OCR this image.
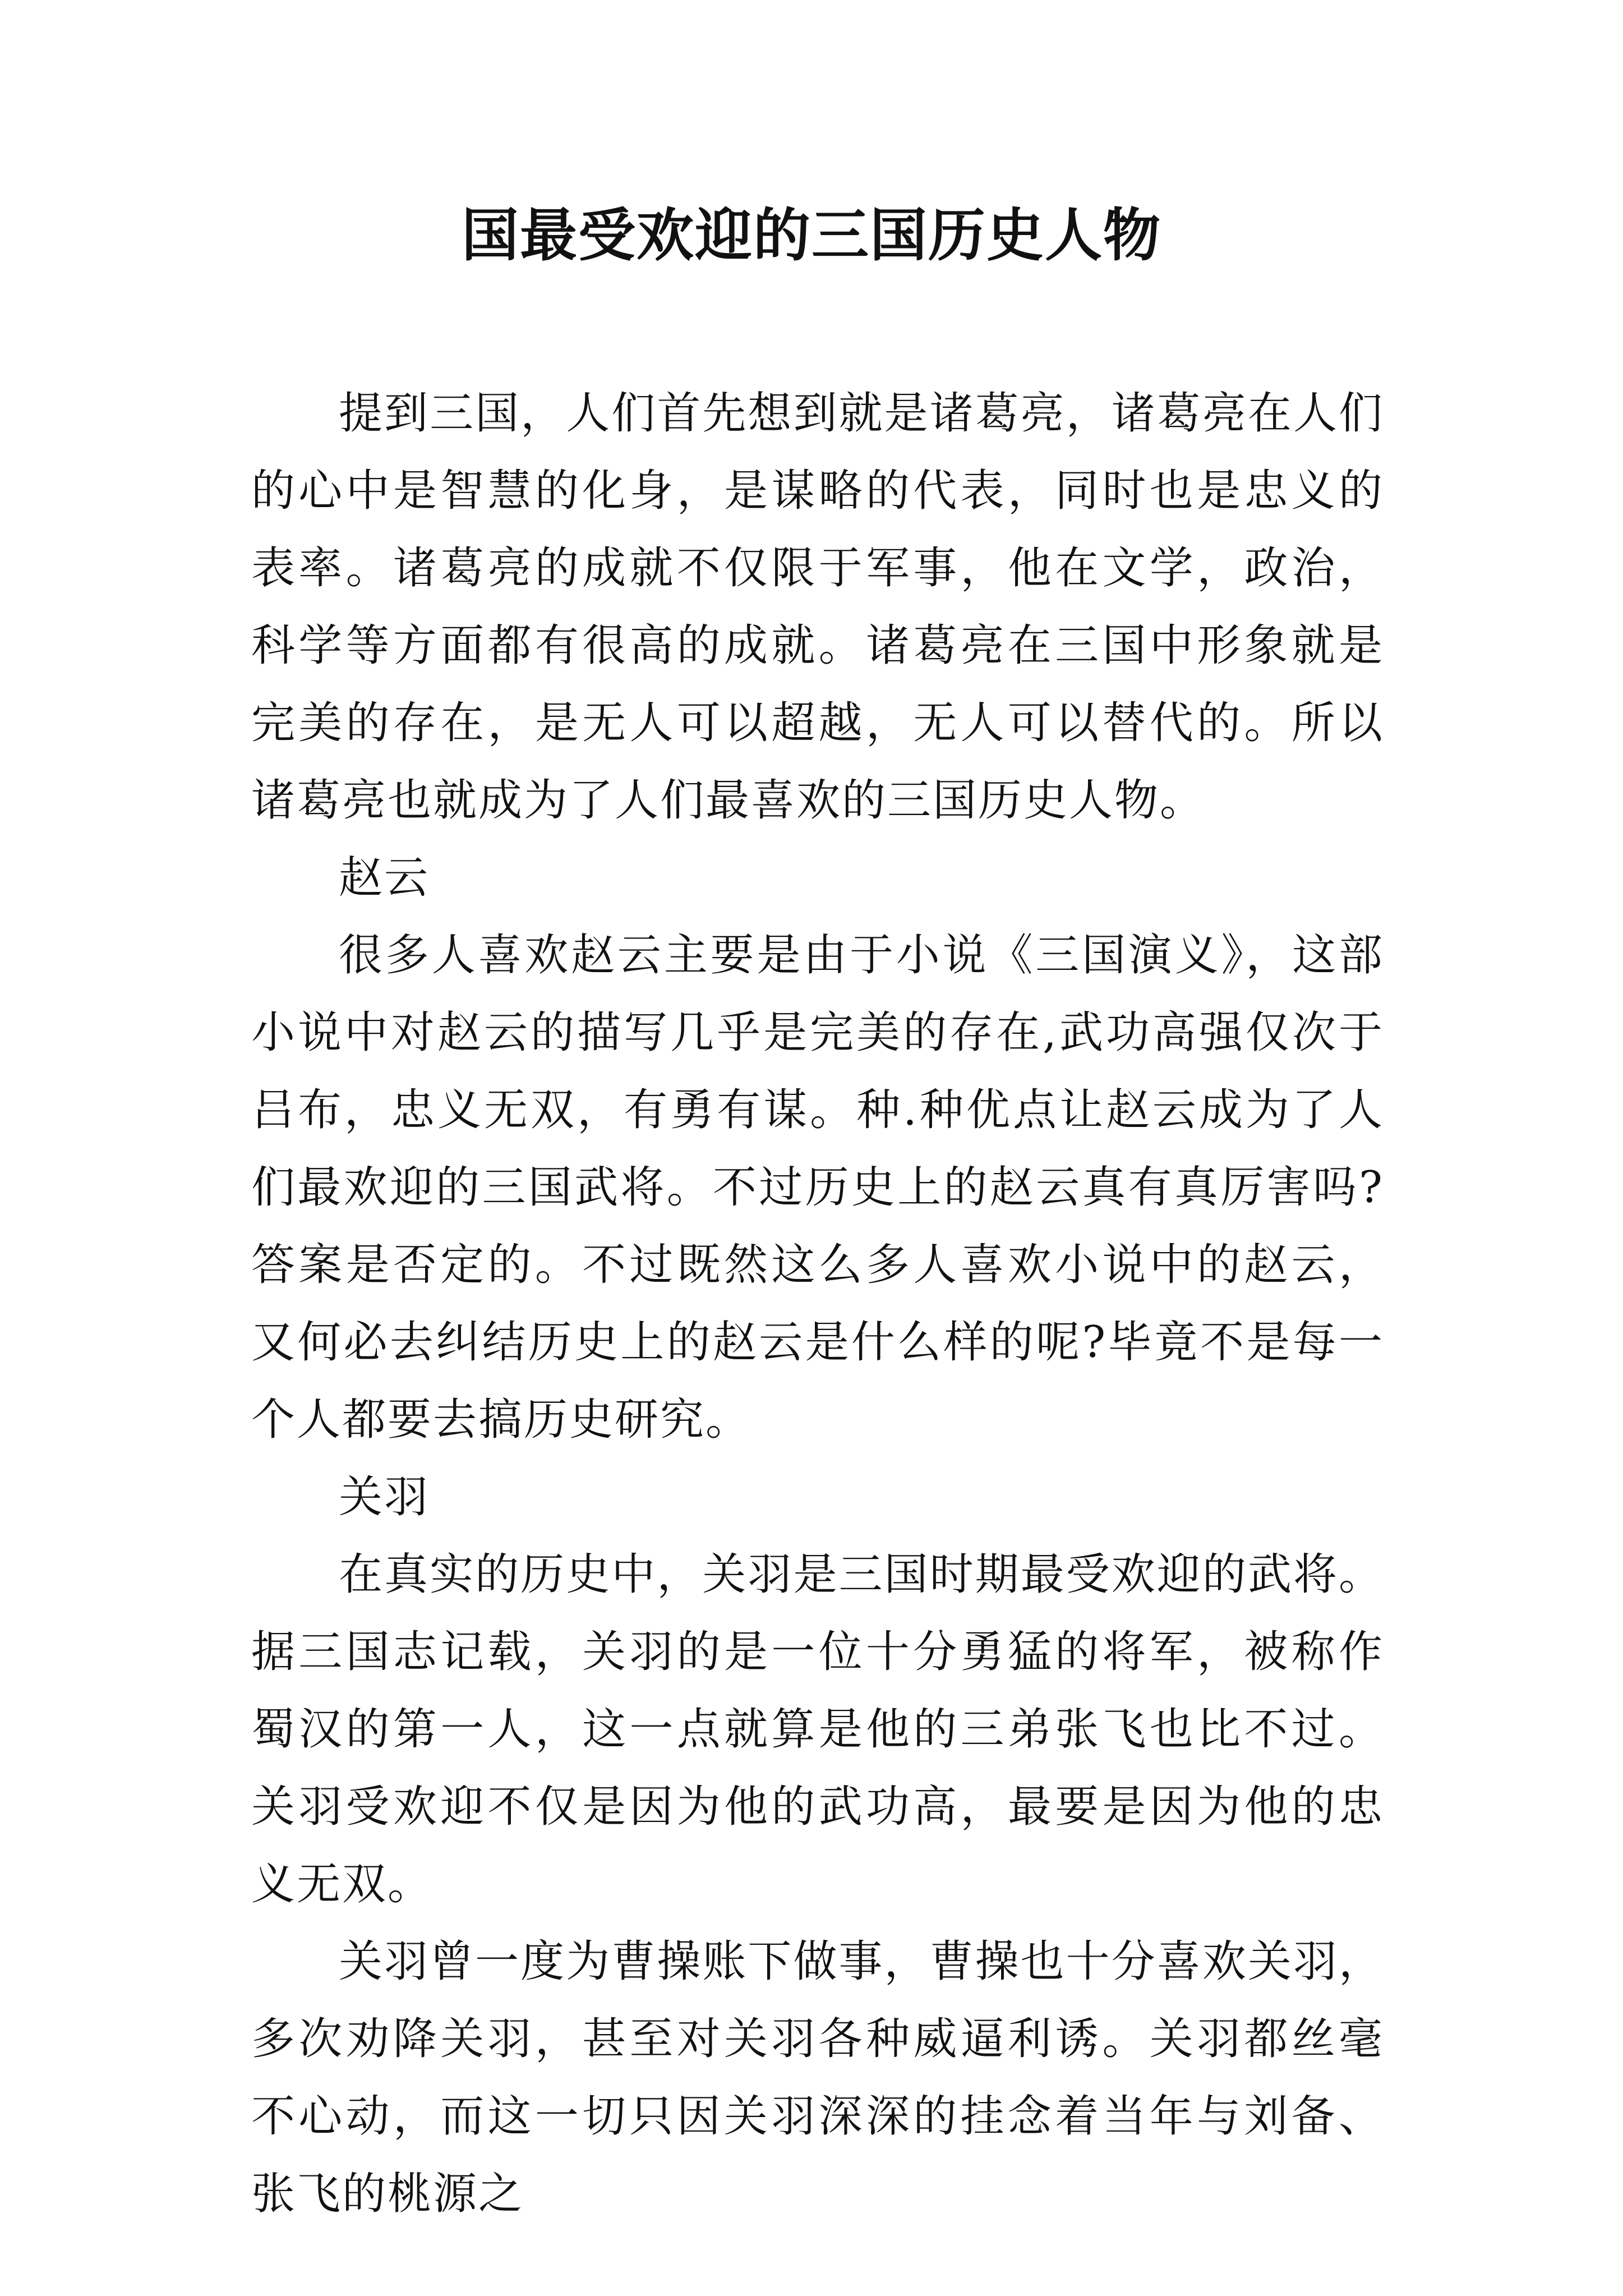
国最受欢迎的三国历史人物

提到三国，人们首先想到就是诸葛亮，诸葛亮在人们的心中是智慧的化身，是谋略的代表，同时也是忠义的表率。诸葛亮的成就不仅限于军事，他在文学，政治，科学等方面都有很高的成就。诸葛亮在三国中形象就是完美的存在，是无人可以超越，无人可以替代的。所以诸葛亮也就成为了人们最喜欢的三国历史人物。

赵云

很多人喜欢赵云主要是由于小说《三国演义》，这部小说中对赵云的描写几乎是完美的存在,武功高强仅次于吕布，忠义无双，有勇有谋。种.种优点让赵云成为了人们最欢迎的三国武将。不过历史上的赵云真有真厉害吗?答案是否定的。不过既然这么多人喜欢小说中的赵云，又何必去纠结历史上的赵云是什么样的呢?毕竟不是每一个人都要去搞历史研究。

关羽

在真实的历史中，关羽是三国时期最受欢迎的武将。据三国志记载，关羽的是一位十分勇猛的将军，被称作蜀汉的第一人，这一点就算是他的三弟张飞也比不过。关羽受欢迎不仅是因为他的武功高，最要是因为他的忠义无双。

关羽曾一度为曹操账下做事，曹操也十分喜欢关羽，多次劝降关羽，甚至对关羽各种威逼利诱。关羽都丝毫不心动，而这一切只因关羽深深的挂念着当年与刘备、张飞的桃源之
